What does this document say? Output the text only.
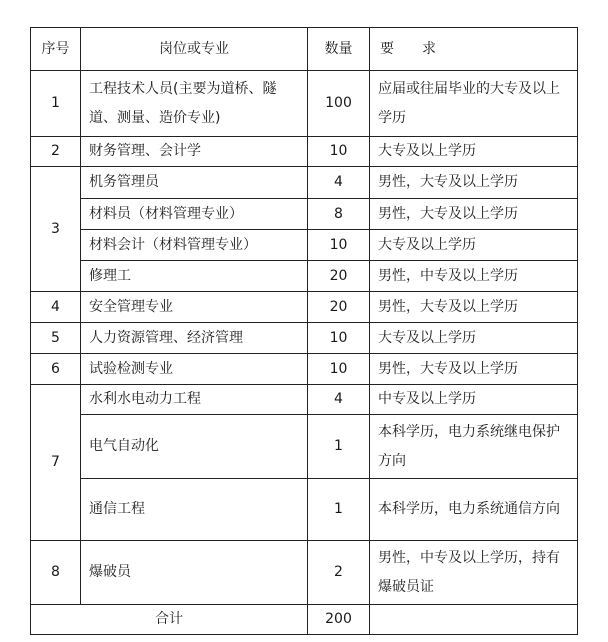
序号	岗位或专业	数量	要　　求
1	工程技术人员(主要为道桥、隧道、测量、造价专业)	100	应届或往届毕业的大专及以上学历
2	财务管理、会计学	10	大专及以上学历
3	机务管理员	4	男性，大专及以上学历
	材料员（材料管理专业）	8	男性，大专及以上学历
	材料会计（材料管理专业）	10	大专及以上学历
	修理工	20	男性，中专及以上学历
4	安全管理专业	20	男性，大专及以上学历
5	人力资源管理、经济管理	10	大专及以上学历
6	试验检测专业	10	男性，大专及以上学历
7	水利水电动力工程	4	中专及以上学历
	电气自动化	1	本科学历，电力系统继电保护方向
	通信工程	1	本科学历，电力系统通信方向
8	爆破员	2	男性，中专及以上学历，持有爆破员证
合计		200	
